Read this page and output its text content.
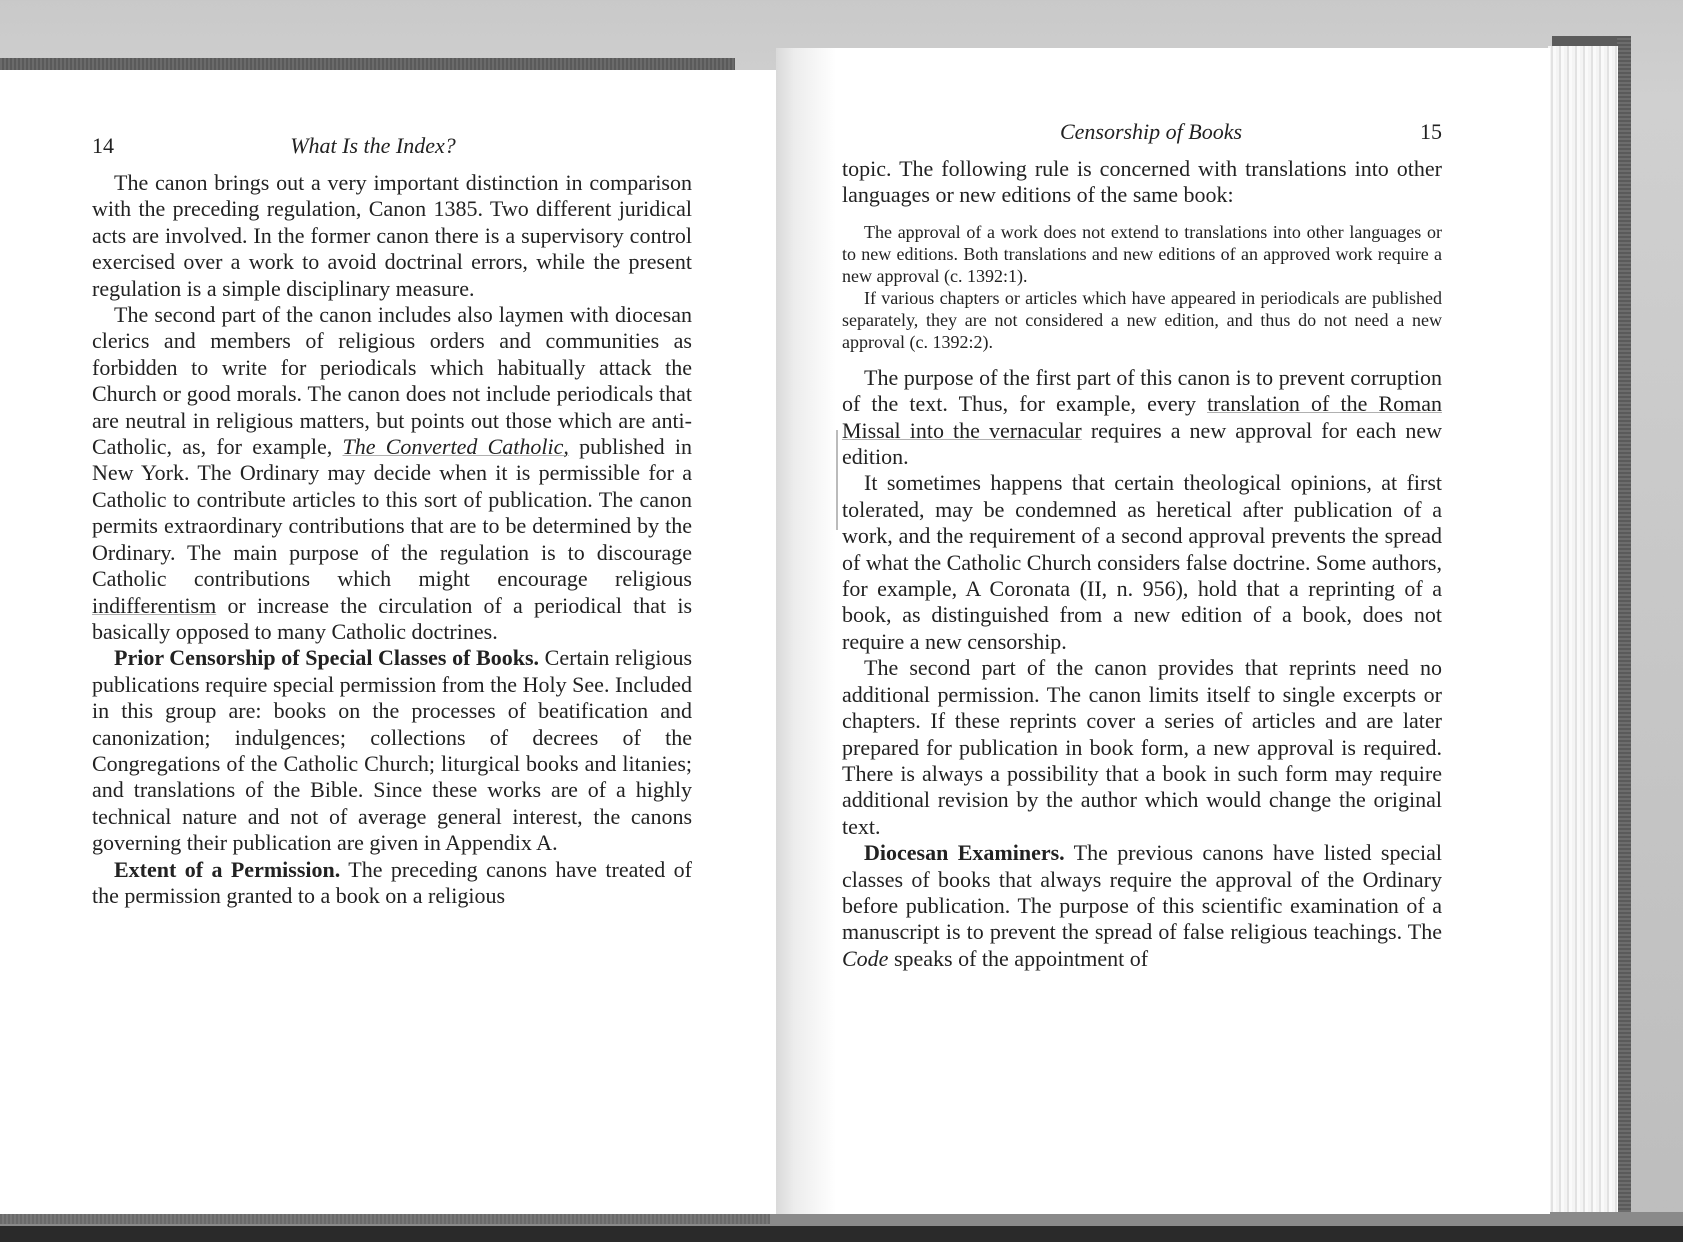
14	What Is the Index?

The canon brings out a very important distinction in comparison with the preceding regulation, Canon 1385. Two different juridical acts are involved. In the former canon there is a supervisory control exercised over a work to avoid doctrinal errors, while the present regulation is a simple disciplinary measure.

The second part of the canon includes also laymen with diocesan clerics and members of religious orders and communities as forbidden to write for periodicals which habitually attack the Church or good morals. The canon does not include periodicals that are neutral in religious matters, but points out those which are anti-Catholic, as, for example, The Converted Catholic, published in New York. The Ordinary may decide when it is permissible for a Catholic to contribute articles to this sort of publication. The canon permits extraordinary contributions that are to be determined by the Ordinary. The main purpose of the regulation is to discourage Catholic contributions which might encourage religious indifferentism or increase the circulation of a periodical that is basically opposed to many Catholic doctrines.

Prior Censorship of Special Classes of Books. Certain religious publications require special permission from the Holy See. Included in this group are: books on the processes of beatification and canonization; indulgences; collections of decrees of the Congregations of the Catholic Church; liturgical books and litanies; and translations of the Bible. Since these works are of a highly technical nature and not of average general interest, the canons governing their publication are given in Appendix A.

Extent of a Permission. The preceding canons have treated of the permission granted to a book on a religious

Censorship of Books	15

topic. The following rule is concerned with translations into other languages or new editions of the same book:

The approval of a work does not extend to translations into other languages or to new editions. Both translations and new editions of an approved work require a new approval (c. 1392:1).

If various chapters or articles which have appeared in periodicals are published separately, they are not considered a new edition, and thus do not need a new approval (c. 1392:2).

The purpose of the first part of this canon is to prevent corruption of the text. Thus, for example, every translation of the Roman Missal into the vernacular requires a new approval for each new edition.

It sometimes happens that certain theological opinions, at first tolerated, may be condemned as heretical after publication of a work, and the requirement of a second approval prevents the spread of what the Catholic Church considers false doctrine. Some authors, for example, A Coronata (II, n. 956), hold that a reprinting of a book, as distinguished from a new edition of a book, does not require a new censorship.

The second part of the canon provides that reprints need no additional permission. The canon limits itself to single excerpts or chapters. If these reprints cover a series of articles and are later prepared for publication in book form, a new approval is required. There is always a possibility that a book in such form may require additional revision by the author which would change the original text.

Diocesan Examiners. The previous canons have listed special classes of books that always require the approval of the Ordinary before publication. The purpose of this scientific examination of a manuscript is to prevent the spread of false religious teachings. The Code speaks of the appointment of
